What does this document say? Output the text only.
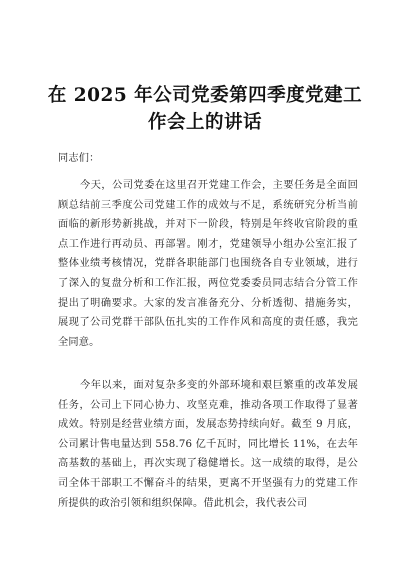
在 2025 年公司党委第四季度党建工作会上的讲话
同志们：
今天，公司党委在这里召开党建工作会，主要任务是全面回顾总结前三季度公司党建工作的成效与不足，系统研究分析当前面临的新形势新挑战，并对下一阶段，特别是年终收官阶段的重点工作进行再动员、再部署。刚才，党建领导小组办公室汇报了整体业绩考核情况，党群各职能部门也围绕各自专业领域，进行了深入的复盘分析和工作汇报，两位党委委员同志结合分管工作提出了明确要求。大家的发言准备充分、分析透彻、措施务实，展现了公司党群干部队伍扎实的工作作风和高度的责任感，我完全同意。
今年以来，面对复杂多变的外部环境和艰巨繁重的改革发展任务，公司上下同心协力、攻坚克难，推动各项工作取得了显著成效。特别是经营业绩方面，发展态势持续向好。截至 9 月底，公司累计售电量达到 558.76 亿千瓦时，同比增长 11%，在去年高基数的基础上，再次实现了稳健增长。这一成绩的取得，是公司全体干部职工不懈奋斗的结果，更离不开坚强有力的党建工作所提供的政治引领和组织保障。借此机会，我代表公司
